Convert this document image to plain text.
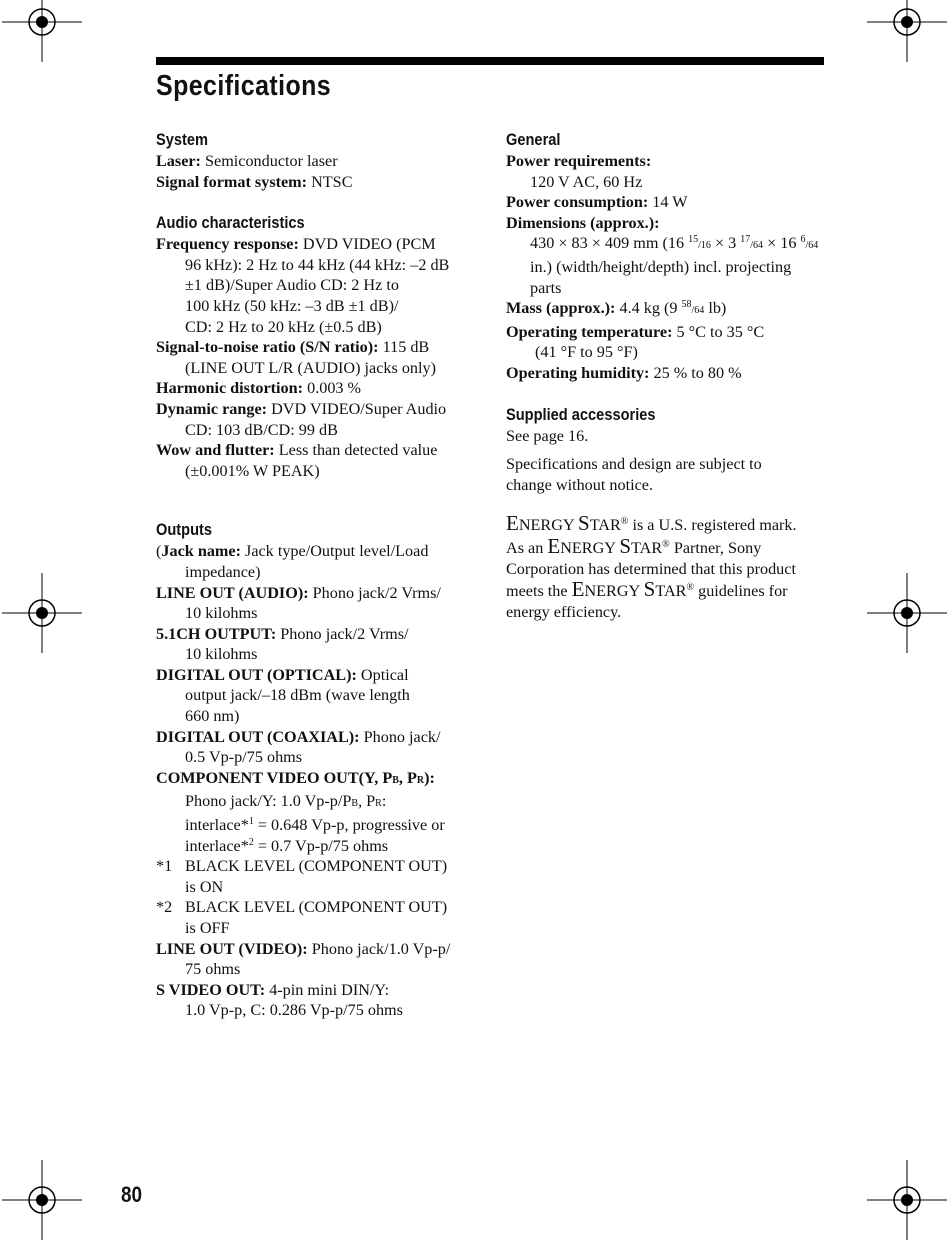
Specifications
System
Laser: Semiconductor laser
Signal format system: NTSC
Audio characteristics
Frequency response: DVD VIDEO (PCM
96 kHz): 2 Hz to 44 kHz (44 kHz: –2 dB
±1 dB)/Super Audio CD: 2 Hz to
100 kHz (50 kHz: –3 dB ±1 dB)/
CD: 2 Hz to 20 kHz (±0.5 dB)
Signal-to-noise ratio (S/N ratio): 115 dB
(LINE OUT L/R (AUDIO) jacks only)
Harmonic distortion: 0.003 %
Dynamic range: DVD VIDEO/Super Audio
CD: 103 dB/CD: 99 dB
Wow and flutter: Less than detected value
(±0.001% W PEAK)
Outputs
(Jack name: Jack type/Output level/Load
impedance)
LINE OUT (AUDIO): Phono jack/2 Vrms/
10 kilohms
5.1CH OUTPUT: Phono jack/2 Vrms/
10 kilohms
DIGITAL OUT (OPTICAL): Optical
output jack/–18 dBm (wave length
660 nm)
DIGITAL OUT (COAXIAL): Phono jack/
0.5 Vp-p/75 ohms
COMPONENT VIDEO OUT(Y, PB, PR):
Phono jack/Y: 1.0 Vp-p/PB, PR:
interlace*$^1$ = 0.648 Vp-p, progressive or
interlace*$^2$ = 0.7 Vp-p/75 ohms
*1 BLACK LEVEL (COMPONENT OUT)
is ON
*2 BLACK LEVEL (COMPONENT OUT)
is OFF
LINE OUT (VIDEO): Phono jack/1.0 Vp-p/
75 ohms
S VIDEO OUT: 4-pin mini DIN/Y:
1.0 Vp-p, C: 0.286 Vp-p/75 ohms
General
Power requirements:
120 V AC, 60 Hz
Power consumption: 14 W
Dimensions (approx.):
430 × 83 × 409 mm (16 $^{15}$/16 × 3 $^{17}$/64 × 16 $^6$/64
in.) (width/height/depth) incl. projecting
parts
Mass (approx.): 4.4 kg (9 $^{58}$/64 lb)
Operating temperature: 5 °C to 35 °C
(41 °F to 95 °F)
Operating humidity: 25 % to 80 %
Supplied accessories
See page 16.
Specifications and design are subject to
change without notice.
ENERGY STAR® is a U.S. registered mark.
As an ENERGY STAR® Partner, Sony
Corporation has determined that this product
meets the ENERGY STAR® guidelines for
energy efficiency.
80
